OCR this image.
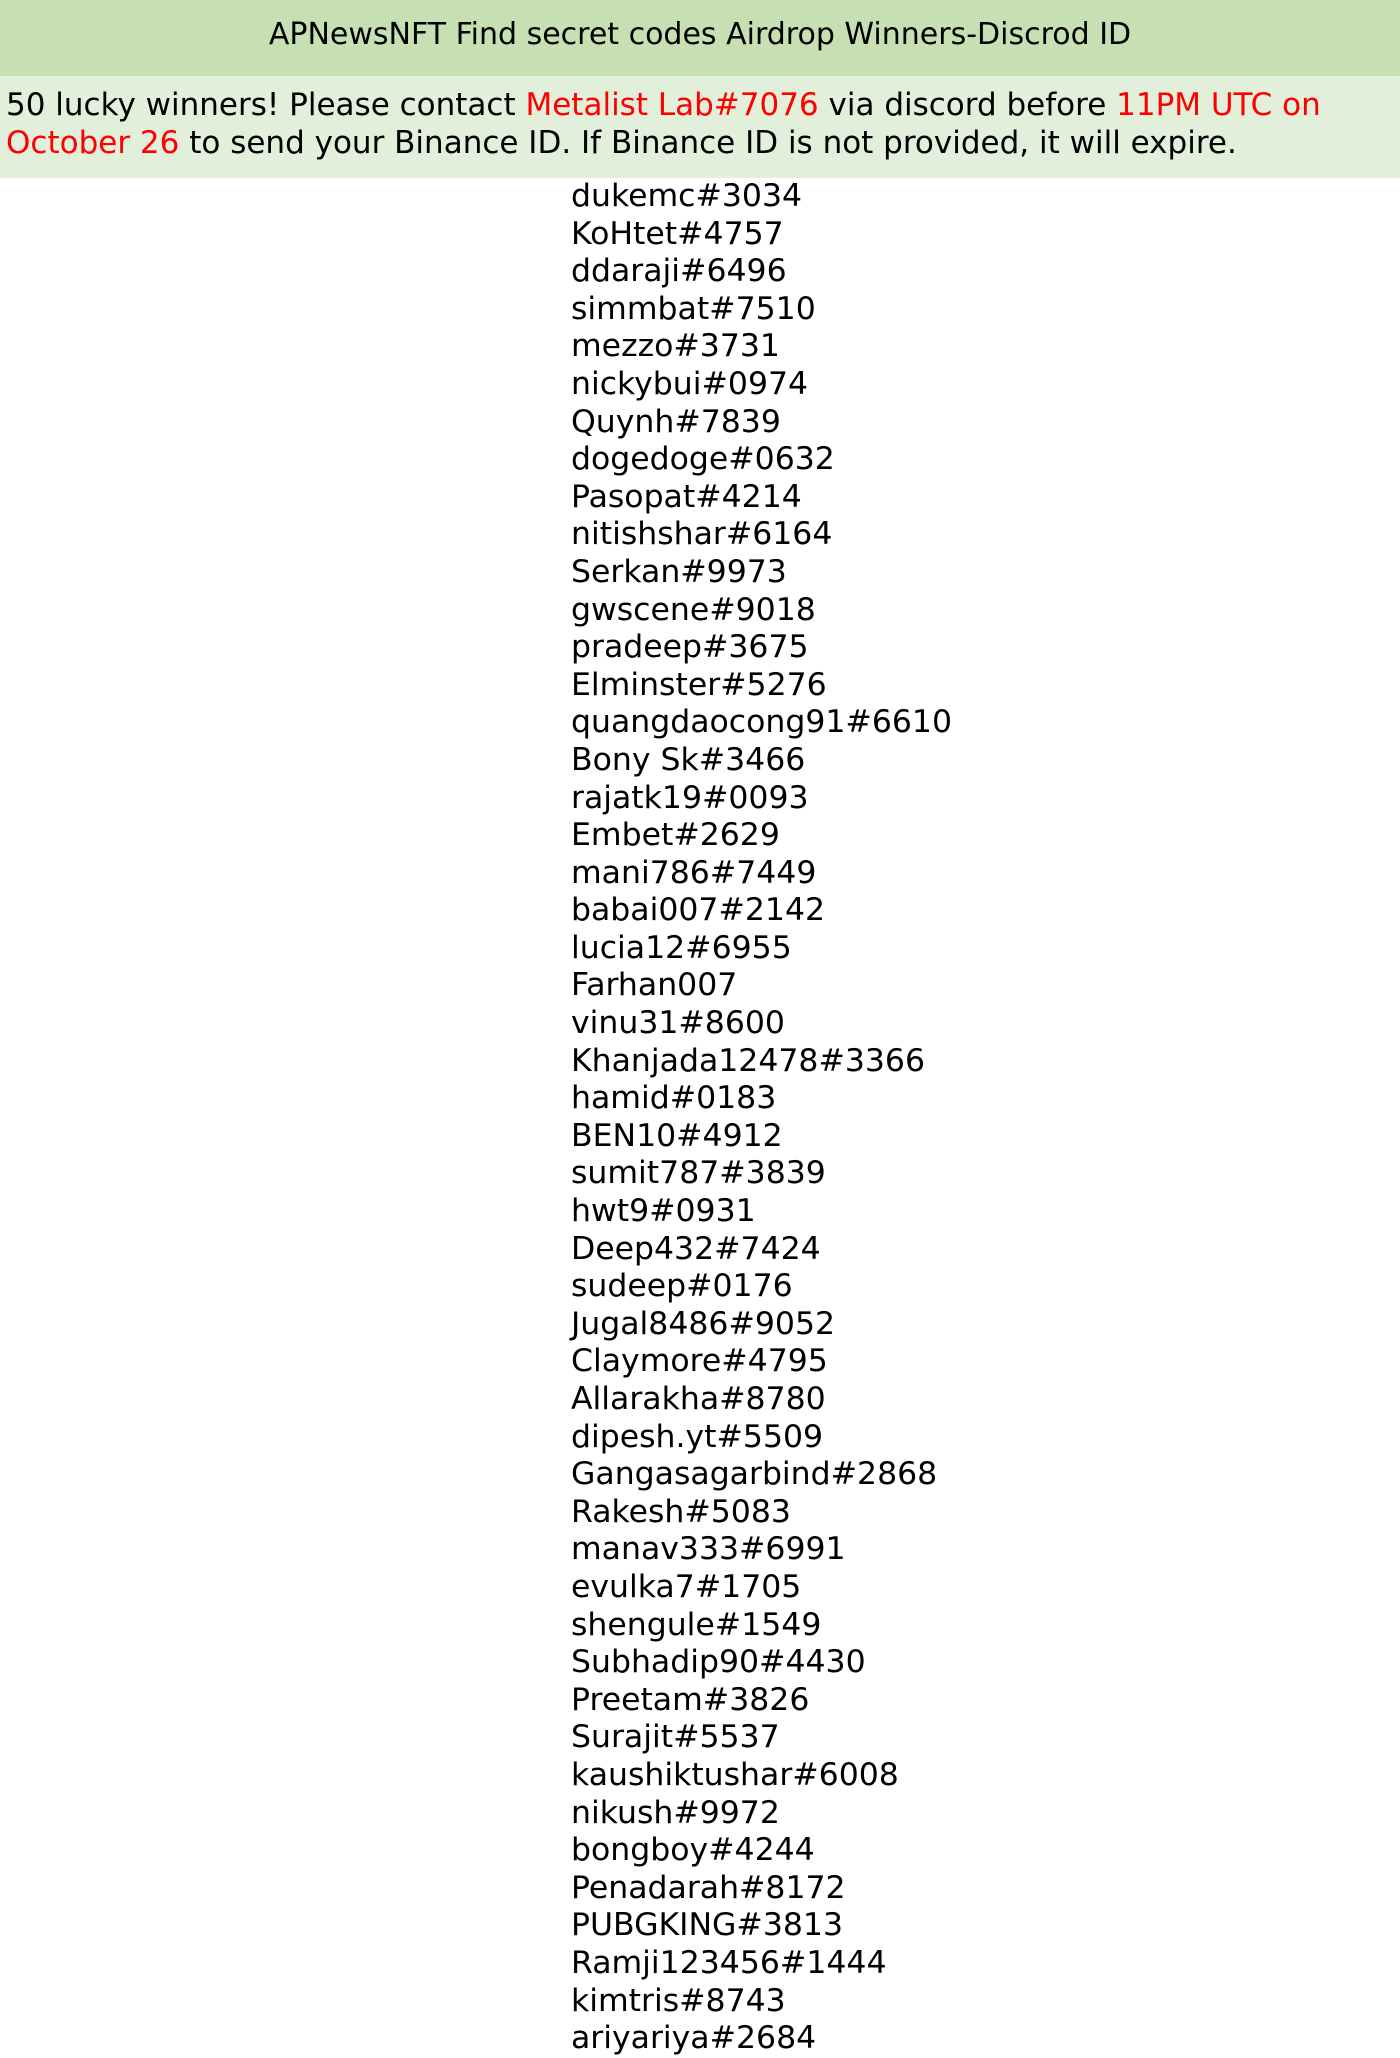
APNewsNFT Find secret codes Airdrop Winners-Discrod ID
50 lucky winners! Please contact Metalist Lab#7076 via discord before 11PM UTC on October 26 to send your Binance ID. If Binance ID is not provided, it will expire.
dukemc#3034
KoHtet#4757
ddaraji#6496
simmbat#7510
mezzo#3731
nickybui#0974
Quynh#7839
dogedoge#0632
Pasopat#4214
nitishshar#6164
Serkan#9973
gwscene#9018
pradeep#3675
Elminster#5276
quangdaocong91#6610
Bony Sk#3466
rajatk19#0093
Embet#2629
mani786#7449
babai007#2142
lucia12#6955
Farhan007
vinu31#8600
Khanjada12478#3366
hamid#0183
BEN10#4912
sumit787#3839
hwt9#0931
Deep432#7424
sudeep#0176
Jugal8486#9052
Claymore#4795
Allarakha#8780
dipesh.yt#5509
Gangasagarbind#2868
Rakesh#5083
manav333#6991
evulka7#1705
shengule#1549
Subhadip90#4430
Preetam#3826
Surajit#5537
kaushiktushar#6008
nikush#9972
bongboy#4244
Penadarah#8172
PUBGKING#3813
Ramji123456#1444
kimtris#8743
ariyariya#2684
